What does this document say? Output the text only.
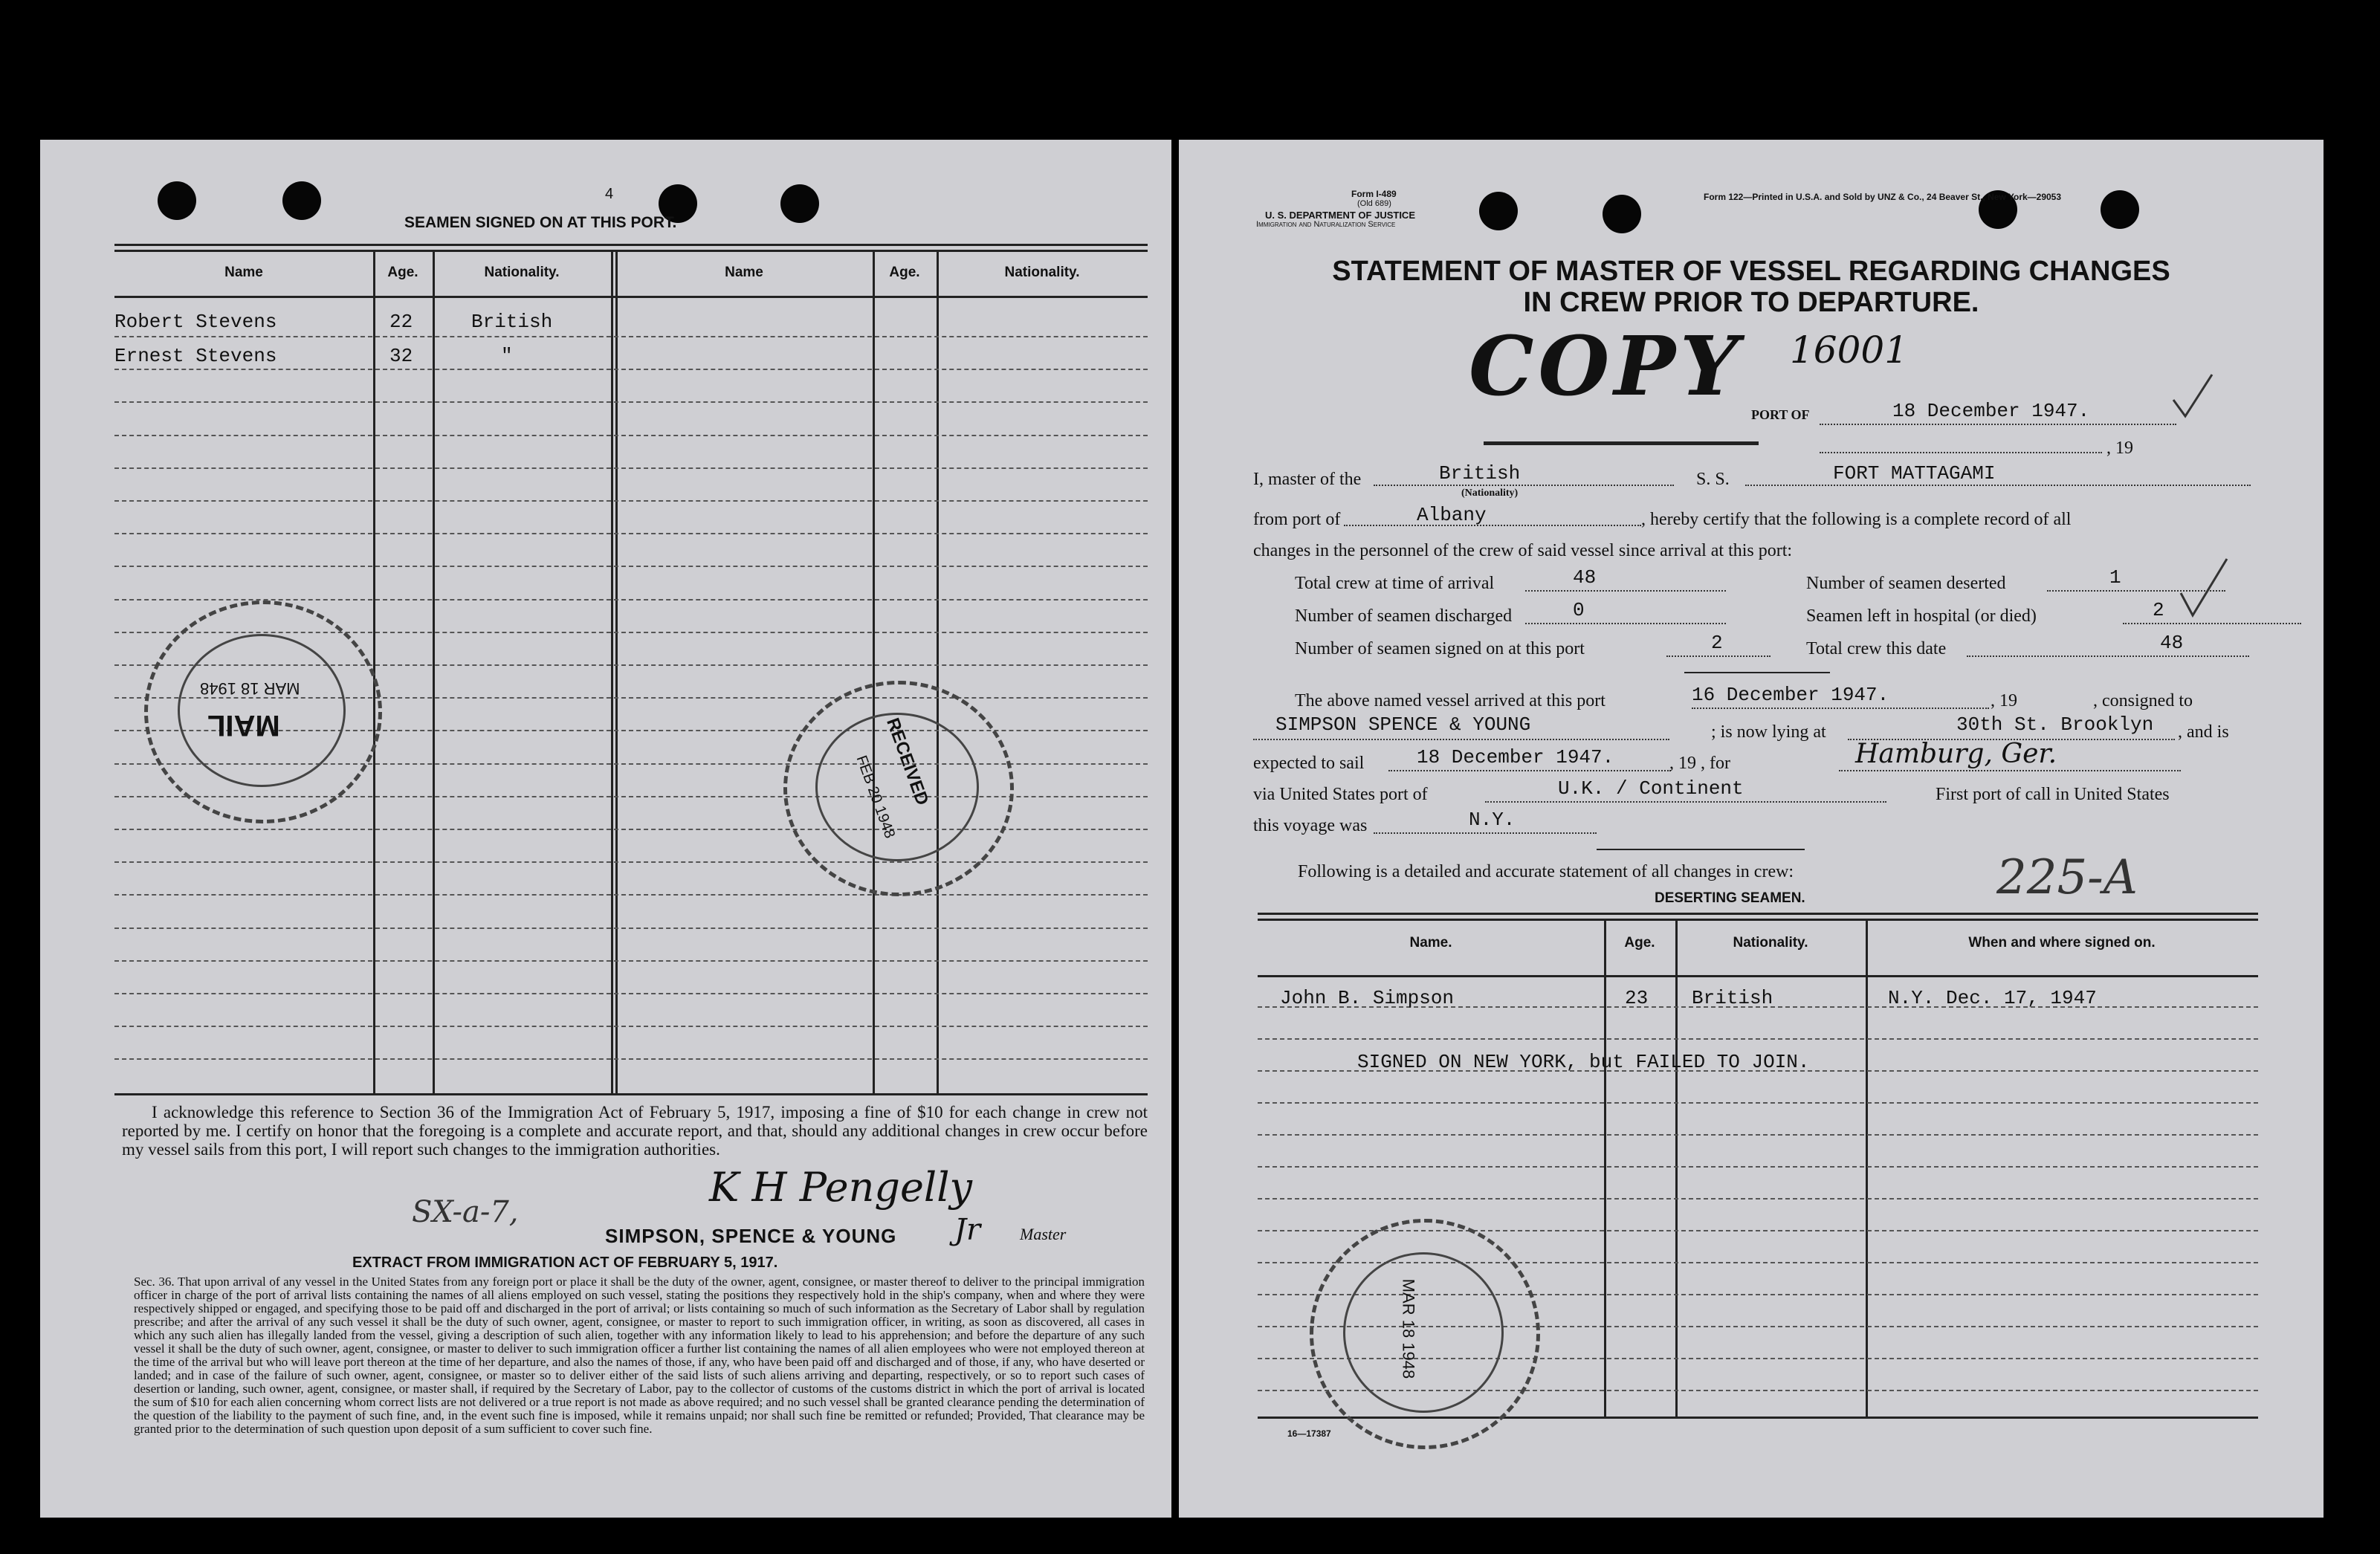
4
SEAMEN SIGNED ON AT THIS PORT.
Name	Age.	Nationality.	Name	Age.	Nationality.
Robert Stevens	22	British
Ernest Stevens	32	"
MAIL
MAR 18 1948
RECEIVED
FEB 20 1948
I acknowledge this reference to Section 36 of the Immigration Act of February 5, 1917, imposing a fine of $10 for each change in crew not reported by me. I certify on honor that the foregoing is a complete and accurate report, and that, should any additional changes in crew occur before my vessel sails from this port, I will report such changes to the immigration authorities.
SX-a-7,
K H Pengelly
SIMPSON, SPENCE & YOUNG Jr Master
EXTRACT FROM IMMIGRATION ACT OF FEBRUARY 5, 1917.
Sec. 36. That upon arrival of any vessel in the United States from any foreign port or place it shall be the duty of the owner, agent, consignee, or master thereof to deliver to the principal immigration officer in charge of the port of arrival lists containing the names of all aliens employed on such vessel, stating the positions they respectively hold in the ship's company, when and where they were respectively shipped or engaged, and specifying those to be paid off and discharged in the port of arrival; or lists containing so much of such information as the Secretary of Labor shall by regulation prescribe; and after the arrival of any such vessel it shall be the duty of such owner, agent, consignee, or master to report to such immigration officer, in writing, as soon as discovered, all cases in which any such alien has illegally landed from the vessel, giving a description of such alien, together with any information likely to lead to his apprehension; and before the departure of any such vessel it shall be the duty of such owner, agent, consignee, or master to deliver to such immigration officer a further list containing the names of all alien employees who were not employed thereon at the time of the arrival but who will leave port thereon at the time of her departure, and also the names of those, if any, who have been paid off and discharged and of those, if any, who have deserted or landed; and in case of the failure of such owner, agent, consignee, or master so to deliver either of the said lists of such aliens arriving and departing, respectively, or so to report such cases of desertion or landing, such owner, agent, consignee, or master shall, if required by the Secretary of Labor, pay to the collector of customs of the customs district in which the port of arrival is located the sum of $10 for each alien concerning whom correct lists are not delivered or a true report is not made as above required; and no such vessel shall be granted clearance pending the determination of the question of the liability to the payment of such fine, and, in the event such fine is imposed, while it remains unpaid; nor shall such fine be remitted or refunded; Provided, That clearance may be granted prior to the determination of such question upon deposit of a sum sufficient to cover such fine.
Form I-489
(Old 689)
U. S. DEPARTMENT OF JUSTICE
Immigration and Naturalization Service
Form 122—Printed in U.S.A. and Sold by UNZ & Co., 24 Beaver St., New York—29053
STATEMENT OF MASTER OF VESSEL REGARDING CHANGES
IN CREW PRIOR TO DEPARTURE.
COPY 16001
PORT OF	18 December 1947.
, 19
I, master of the	British
(Nationality)
S. S.	FORT MATTAGAMI
from port of	Albany	, hereby certify that the following is a complete record of all
changes in the personnel of the crew of said vessel since arrival at this port:
Total crew at time of arrival	48	Number of seamen deserted	1
Number of seamen discharged	0	Seamen left in hospital (or died)	2
Number of seamen signed on at this port	2	Total crew this date	48
The above named vessel arrived at this port	16 December 1947.	, 19	, consigned to
SIMPSON SPENCE & YOUNG	; is now lying at	30th St. Brooklyn , and is
expected to sail	18 December 1947.	, 19 , for	Hamburg, Ger.
via United States port of	U.K. / Continent	First port of call in United States
this voyage was	N.Y.
Following is a detailed and accurate statement of all changes in crew:	225-A
DESERTING SEAMEN.
Name.	Age.	Nationality.	When and where signed on.
John B. Simpson	23 British	N.Y. Dec. 17, 1947
SIGNED ON NEW YORK, but FAILED TO JOIN.
MAR 18 1948
16—17387
